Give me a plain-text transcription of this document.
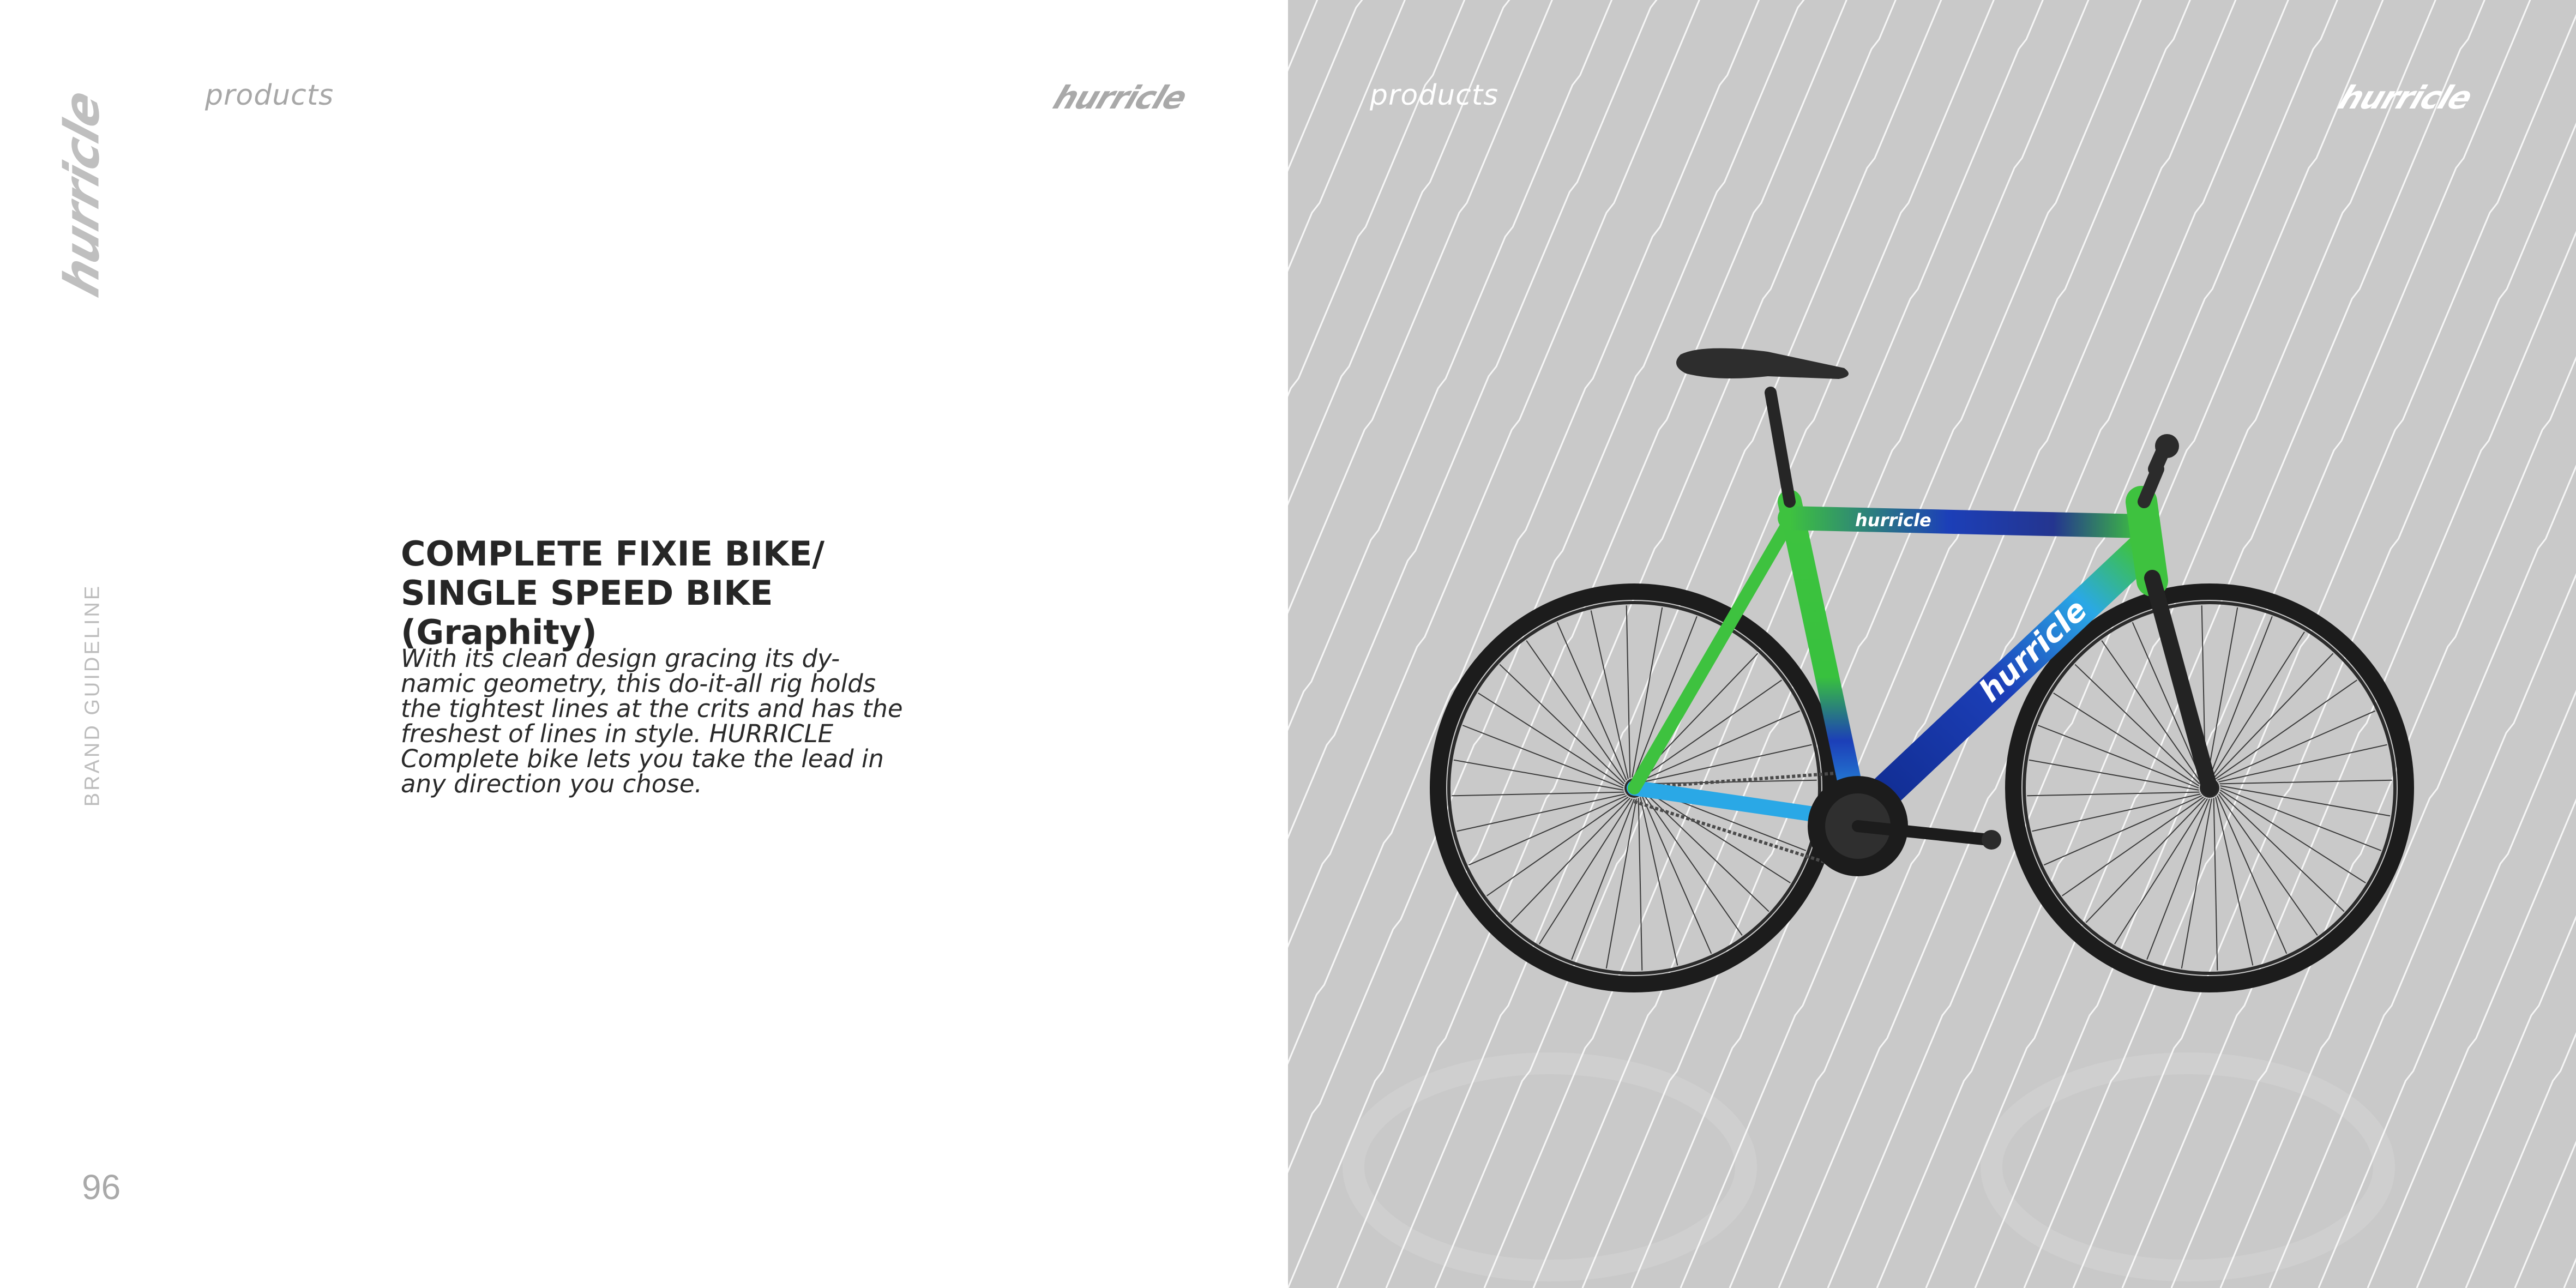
hurricle	products	hurricle
BRAND GUIDELINE
COMPLETE FIXIE BIKE/
SINGLE SPEED BIKE (Graphity)

With its clean design gracing its dy-namic geometry, this do-it-all rig holds the tightest lines at the crits and has the freshest of lines in style. HURRICLE Complete bike lets you take the lead in any direction you chose.

96
products	hurricle
hurricle
hurricle
